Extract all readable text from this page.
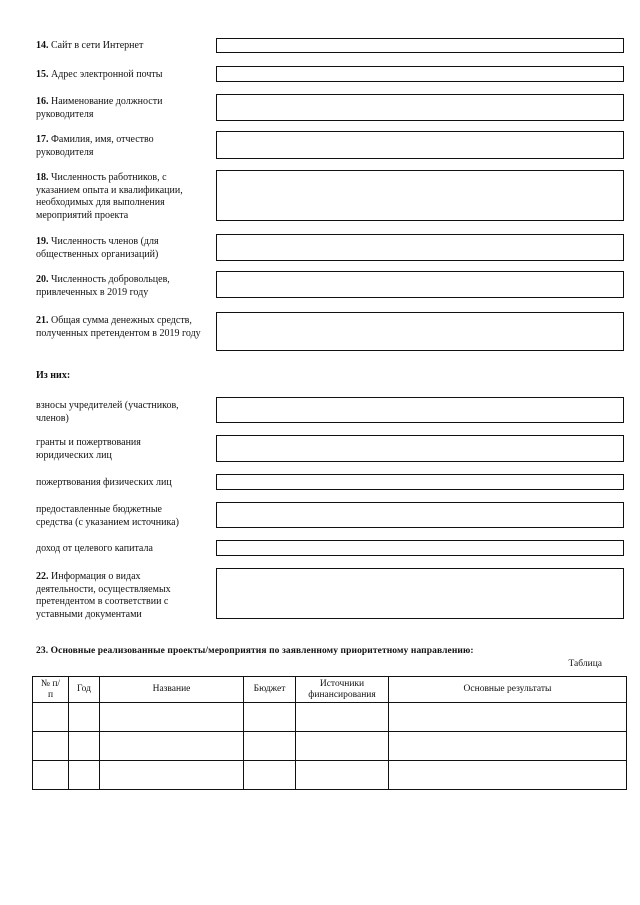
14. Сайт в сети Интернет
15. Адрес электронной почты
16. Наименование должности руководителя
17. Фамилия, имя, отчество руководителя
18. Численность работников, с указанием опыта и квалификации, необходимых для выполнения мероприятий проекта
19. Численность членов (для общественных организаций)
20. Численность добровольцев, привлеченных в 2019 году
21. Общая сумма денежных средств, полученных претендентом в 2019 году
Из них:
взносы учредителей (участников, членов)
гранты и пожертвования юридических лиц
пожертвования физических лиц
предоставленные бюджетные средства (с указанием источника)
доход от целевого капитала
22. Информация о видах деятельности, осуществляемых претендентом в соответствии с уставными документами
23. Основные реализованные проекты/мероприятия по заявленному приоритетному направлению:
Таблица
№ п/п	Год	Название	Бюджет	Источники финансирования	Основные результаты
